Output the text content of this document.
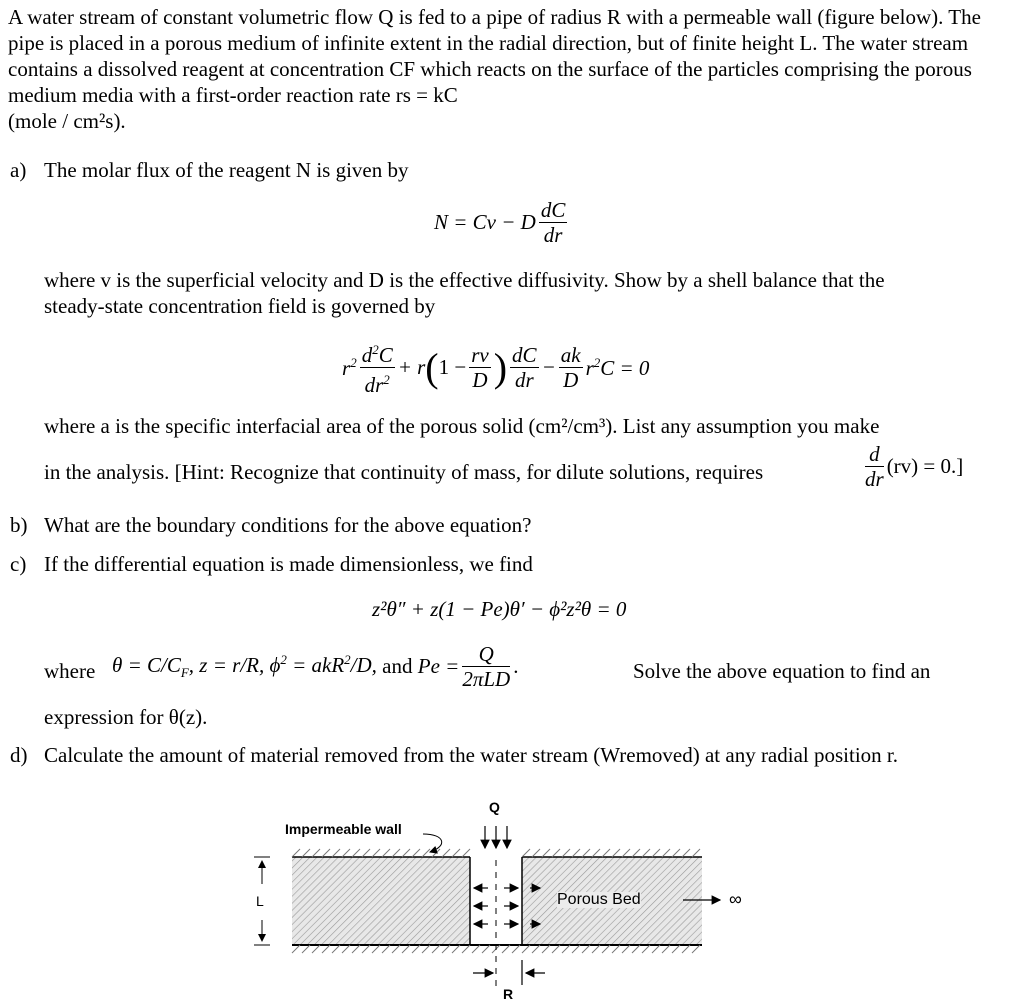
A water stream of constant volumetric flow Q is fed to a pipe of radius R with a permeable wall (figure below). The pipe is placed in a porous medium of infinite extent in the radial direction, but of finite height L. The water stream contains a dissolved reagent at concentration CF which reacts on the surface of the particles comprising the porous medium media with a first-order reaction rate rs = kC
(mole / cm²s).
a) The molar flux of the reagent N is given by
N = Cv − D $\frac{dC}{dr}$
where v is the superficial velocity and D is the effective diffusivity. Show by a shell balance that the
steady-state concentration field is governed by
$r^2 \frac{d^2C}{dr^2} + r(1 - \frac{rv}{D}$ ) $\frac{dC}{dr} - \frac{ak}{D} r^2C = 0$
where a is the specific interfacial area of the porous solid (cm²/cm³). List any assumption you make
in the analysis. [Hint: Recognize that continuity of mass, for dilute solutions, requires	$\frac{d}{dr} (rv) = 0$.]
b) What are the boundary conditions for the above equation?
c) If the differential equation is made dimensionless, we find
z²θ″ + z(1 − Pe)θ′ − ϕ²z²θ = 0
where $\theta = C/C_F$, z = r/R, $\phi^2 = akR^2/D$, and $Pe = \frac{Q}{\text{2πLD}}$ .	Solve the above equation to find an
expression for θ(z).
d) Calculate the amount of material removed from the water stream (Wremoved) at any radial position r.
Q
Impermeable wall
L	Porous Bed	∞
R
